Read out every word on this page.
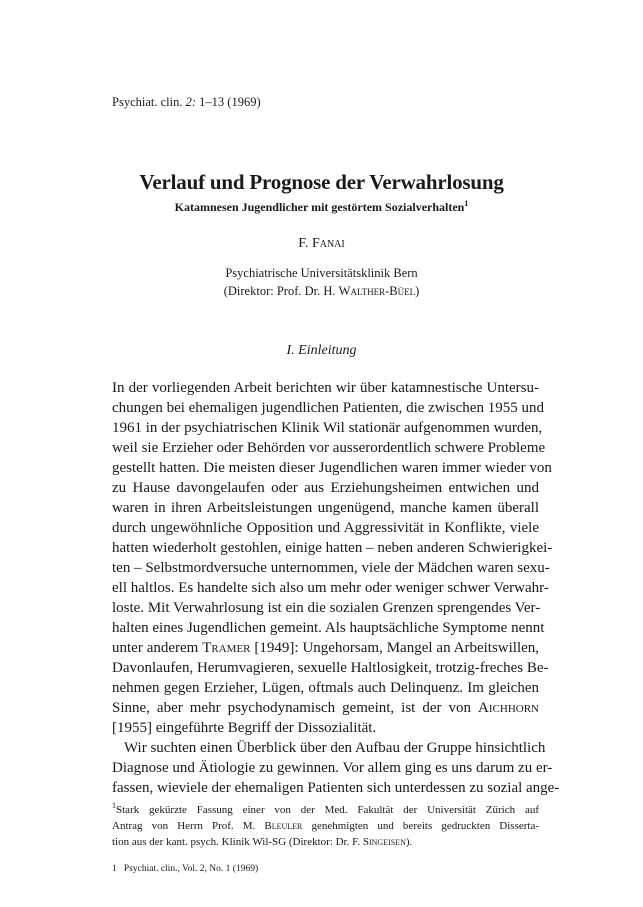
Psychiat. clin. 2: 1–13 (1969)
Verlauf und Prognose der Verwahrlosung
Katamnesen Jugendlicher mit gestörtem Sozialverhalten$^1$
F. Fanai
Psychiatrische Universitätsklinik Bern
(Direktor: Prof. Dr. H. Walther-Büel)
I. Einleitung
In der vorliegenden Arbeit berichten wir über katamnestische Untersu-
chungen bei ehemaligen jugendlichen Patienten, die zwischen 1955 und
1961 in der psychiatrischen Klinik Wil stationär aufgenommen wurden,
weil sie Erzieher oder Behörden vor ausserordentlich schwere Probleme
gestellt hatten. Die meisten dieser Jugendlichen waren immer wieder von
zu Hause davongelaufen oder aus Erziehungsheimen entwichen und
waren in ihren Arbeitsleistungen ungenügend, manche kamen überall
durch ungewöhnliche Opposition und Aggressivität in Konflikte, viele
hatten wiederholt gestohlen, einige hatten – neben anderen Schwierigkei-
ten – Selbstmordversuche unternommen, viele der Mädchen waren sexu-
ell haltlos. Es handelte sich also um mehr oder weniger schwer Verwahr-
loste. Mit Verwahrlosung ist ein die sozialen Grenzen sprengendes Ver-
halten eines Jugendlichen gemeint. Als hauptsächliche Symptome nennt
unter anderem Tramer [1949]: Ungehorsam, Mangel an Arbeitswillen,
Davonlaufen, Herumvagieren, sexuelle Haltlosigkeit, trotzig-freches Be-
nehmen gegen Erzieher, Lügen, oftmals auch Delinquenz. Im gleichen
Sinne, aber mehr psychodynamisch gemeint, ist der von Aichhorn
[1955] eingeführte Begriff der Dissozialität.
Wir suchten einen Überblick über den Aufbau der Gruppe hinsichtlich
Diagnose und Ätiologie zu gewinnen. Vor allem ging es uns darum zu er-
fassen, wieviele der ehemaligen Patienten sich unterdessen zu sozial ange-
$^1$Stark gekürzte Fassung einer von der Med. Fakultät der Universität Zürich auf
Antrag von Herrn Prof. M. Bleuler genehmigten und bereits gedruckten Disserta-
tion aus der kant. psych. Klinik Wil-SG (Direktor: Dr. F. Singeisen).
1 Psychiat. clin., Vol. 2, No. 1 (1969)
